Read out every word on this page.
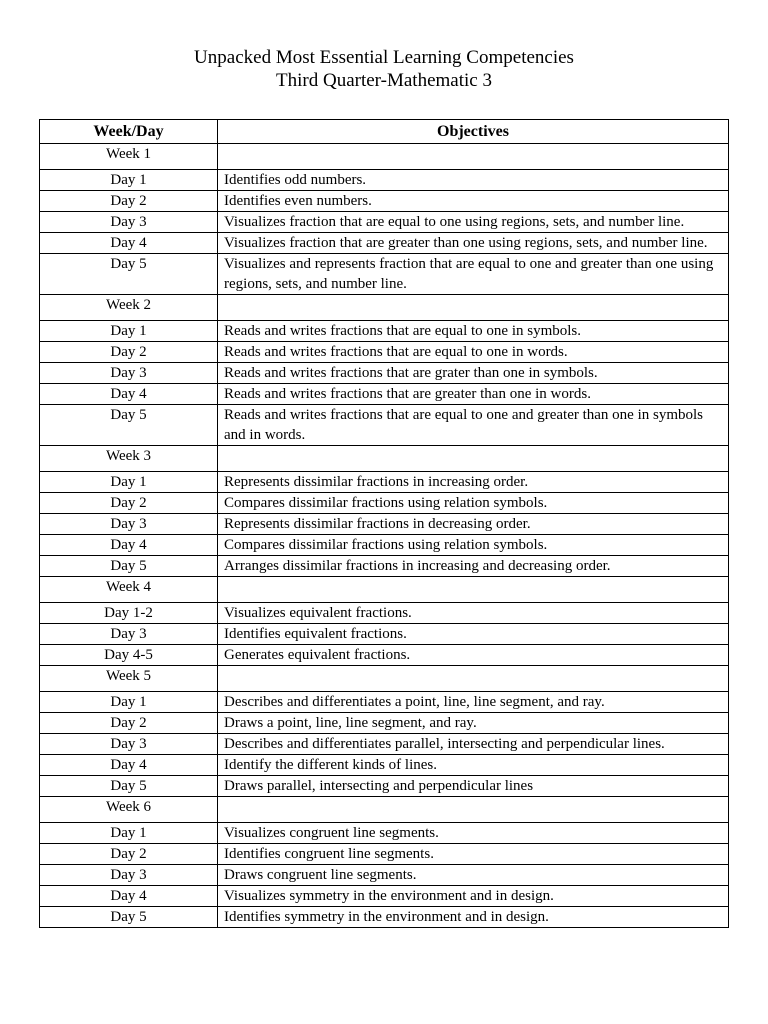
Unpacked Most Essential Learning Competencies
Third Quarter-Mathematic 3
Week/Day	Objectives
Week 1	
Day 1	Identifies odd numbers.
Day 2	Identifies even numbers.
Day 3	Visualizes fraction that are equal to one using regions, sets, and number line.
Day 4	Visualizes fraction that are greater than one using regions, sets, and number line.
Day 5	Visualizes and represents fraction that are equal to one and greater than one using regions, sets, and number line.
Week 2	
Day 1	Reads and writes fractions that are equal to one in symbols.
Day 2	Reads and writes fractions that are equal to one in words.
Day 3	Reads and writes fractions that are grater than one in symbols.
Day 4	Reads and writes fractions that are greater than one in words.
Day 5	Reads and writes fractions that are equal to one and greater than one in symbols and in words.
Week 3	
Day 1	Represents dissimilar fractions in increasing order.
Day 2	Compares dissimilar fractions using relation symbols.
Day 3	Represents dissimilar fractions in decreasing order.
Day 4	Compares dissimilar fractions using relation symbols.
Day 5	Arranges dissimilar fractions in increasing and decreasing order.
Week 4	
Day 1-2	Visualizes equivalent fractions.
Day 3	Identifies equivalent fractions.
Day 4-5	Generates equivalent fractions.
Week 5	
Day 1	Describes and differentiates a point, line, line segment, and ray.
Day 2	Draws a point, line, line segment, and ray.
Day 3	Describes and differentiates parallel, intersecting and perpendicular lines.
Day 4	Identify the different kinds of lines.
Day 5	Draws parallel, intersecting and perpendicular lines
Week 6	
Day 1	Visualizes congruent line segments.
Day 2	Identifies congruent line segments.
Day 3	Draws congruent line segments.
Day 4	Visualizes symmetry in the environment and in design.
Day 5	Identifies symmetry in the environment and in design.
